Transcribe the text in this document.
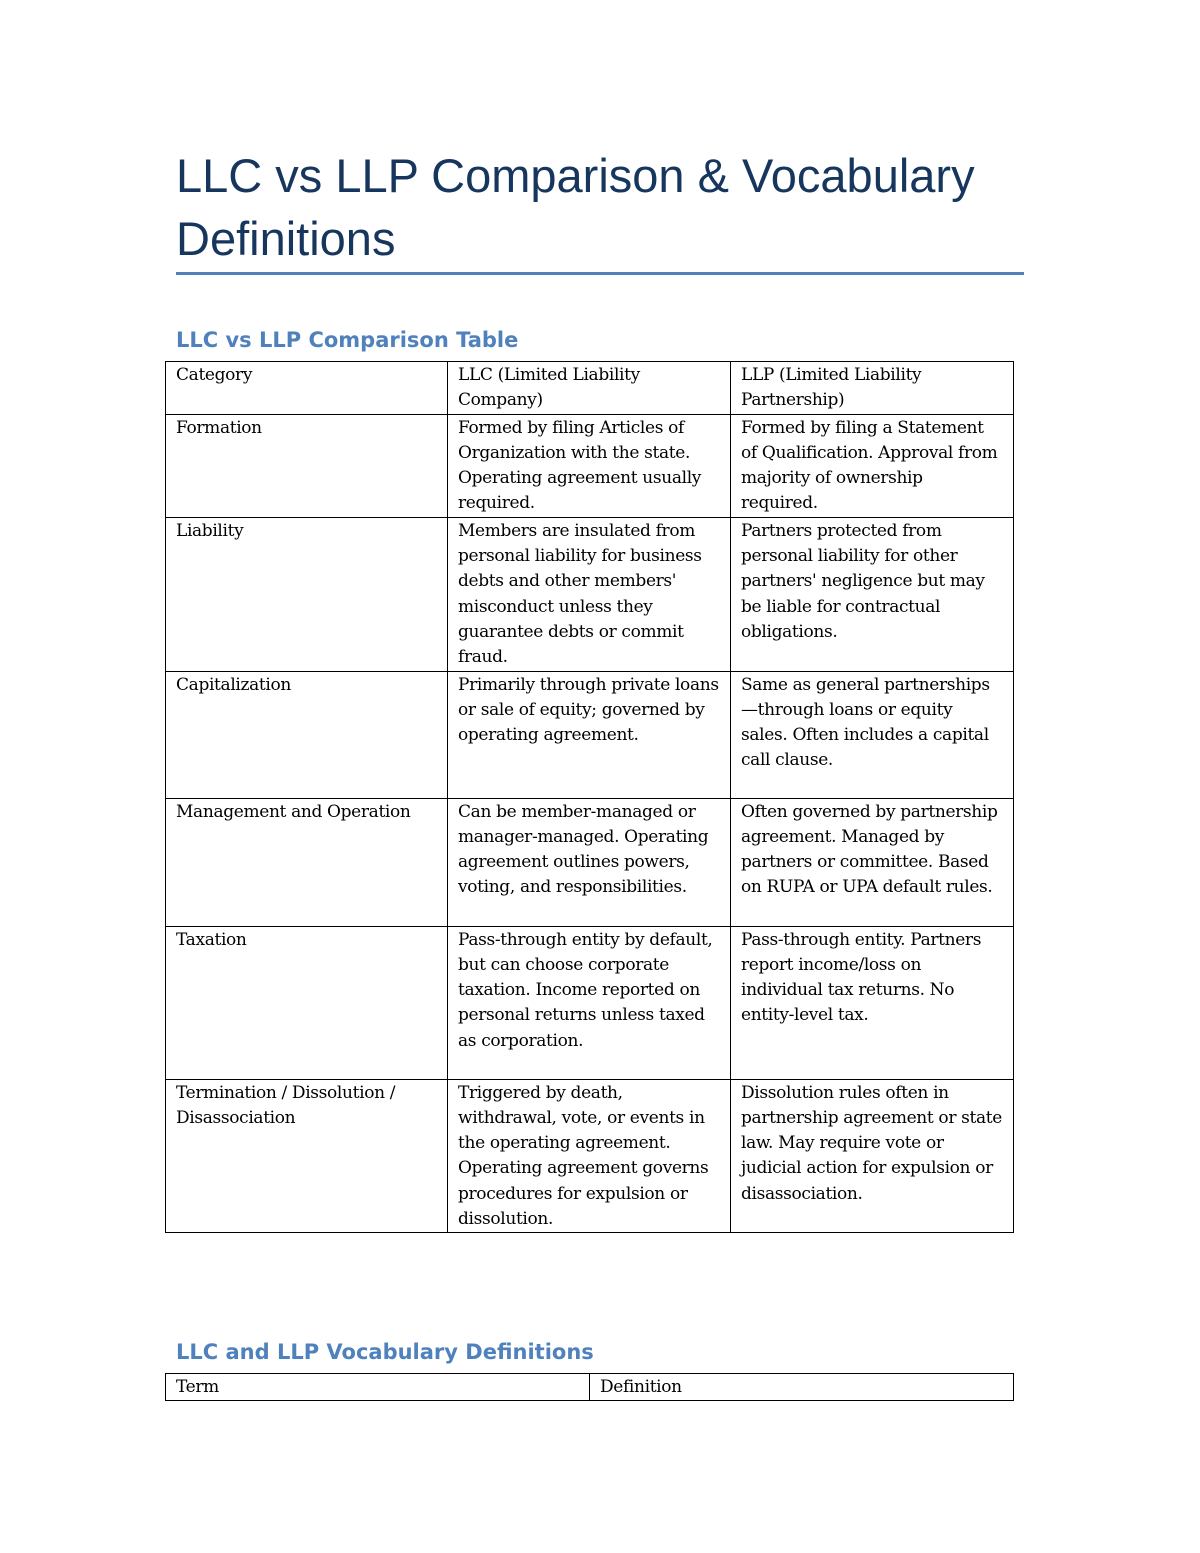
LLC vs LLP Comparison & Vocabulary Definitions
LLC vs LLP Comparison Table
Category	LLC (Limited Liability Company)	LLP (Limited Liability Partnership)
Formation	Formed by filing Articles of Organization with the state. Operating agreement usually required.	Formed by filing a Statement of Qualification. Approval from majority of ownership required.
Liability	Members are insulated from personal liability for business debts and other members' misconduct unless they guarantee debts or commit fraud.	Partners protected from personal liability for other partners' negligence but may be liable for contractual obligations.
Capitalization	Primarily through private loans or sale of equity; governed by operating agreement.	Same as general partnerships—through loans or equity sales. Often includes a capital call clause.
Management and Operation	Can be member-managed or manager-managed. Operating agreement outlines powers, voting, and responsibilities.	Often governed by partnership agreement. Managed by partners or committee. Based on RUPA or UPA default rules.
Taxation	Pass-through entity by default, but can choose corporate taxation. Income reported on personal returns unless taxed as corporation.	Pass-through entity. Partners report income/loss on individual tax returns. No entity-level tax.
Termination / Dissolution / Disassociation	Triggered by death, withdrawal, vote, or events in the operating agreement. Operating agreement governs procedures for expulsion or dissolution.	Dissolution rules often in partnership agreement or state law. May require vote or judicial action for expulsion or disassociation.
LLC and LLP Vocabulary Definitions
Term	Definition
